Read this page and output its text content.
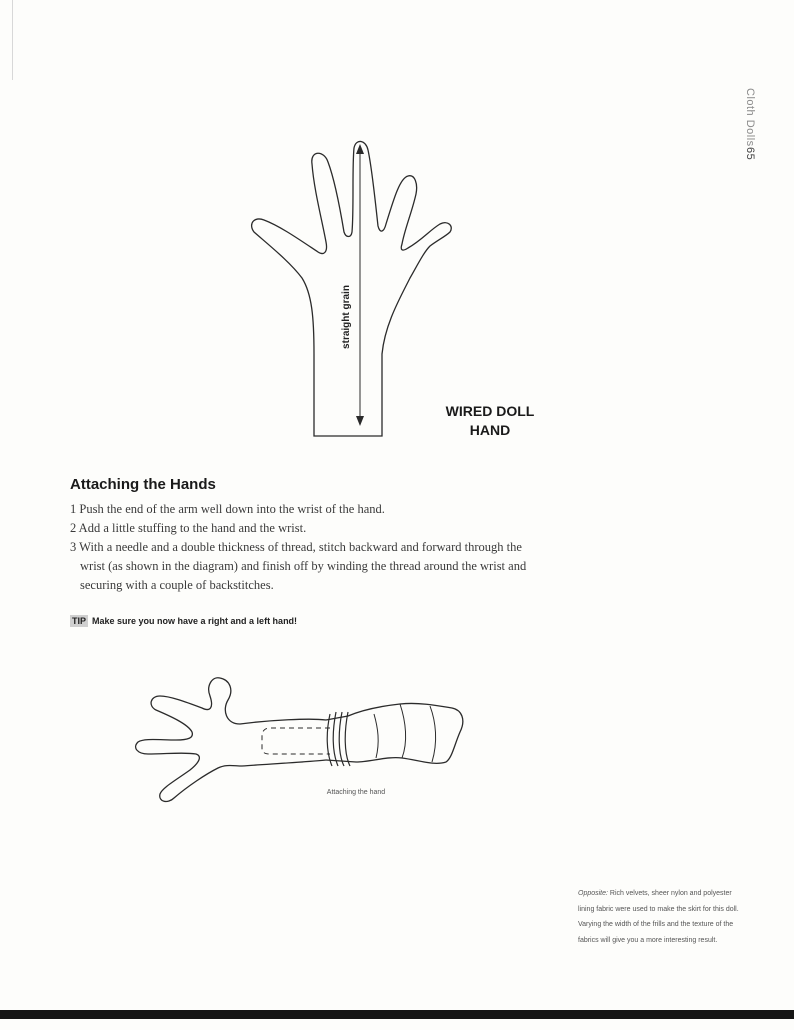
Cloth Dolls65
straight grain
WIRED DOLL
HAND
Attaching the Hands
1 Push the end of the arm well down into the wrist of the hand.
2 Add a little stuffing to the hand and the wrist.
3 With a needle and a double thickness of thread, stitch backward and forward through the wrist (as shown in the diagram) and finish off by winding the thread around the wrist and securing with a couple of backstitches.
TIP Make sure you now have a right and a left hand!
Attaching the hand
Opposite: Rich velvets, sheer nylon and polyester lining fabric were used to make the skirt for this doll. Varying the width of the frills and the texture of the fabrics will give you a more interesting result.
